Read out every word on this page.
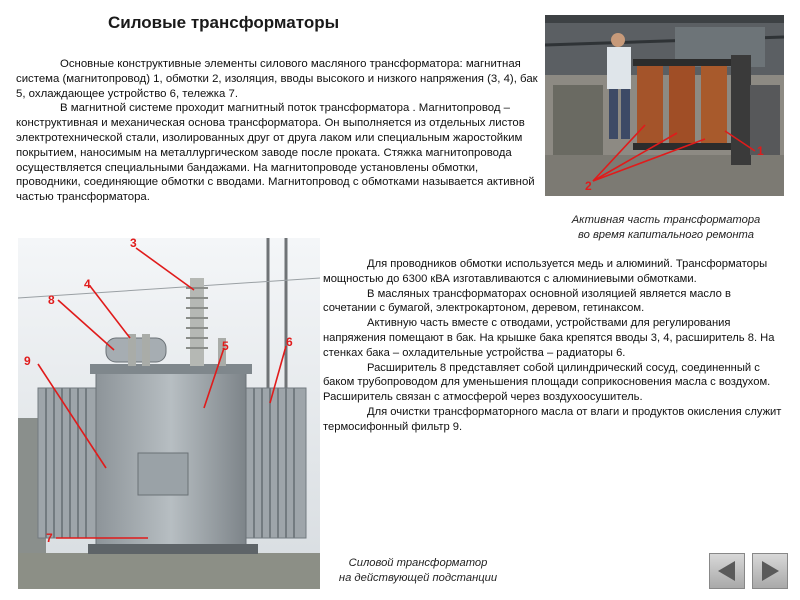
Силовые трансформаторы

Основные конструктивные элементы силового масляного трансформатора: магнитная система (магнитопровод) 1, обмотки 2, изоляция, вводы высокого и низкого напряжения (3, 4), бак 5, охлаждающее устройство 6, тележка 7.

В магнитной системе проходит магнитный поток трансформатора . Магнитопровод – конструктивная и механическая основа трансформатора. Он выполняется из отдельных листов электротехнической стали, изолированных друг от друга лаком или специальным жаростойким покрытием, наносимым на металлургическом заводе после проката. Стяжка магнитопровода осуществляется специальными бандажами. На магнитопроводе установлены обмотки, проводники, соединяющие обмотки с вводами. Магнитопровод с обмотками называется активной частью трансформатора.

2
1
Активная часть трансформатора
во время капитального ремонта
3
4
8
5	6
9
7

Для проводников обмотки используется медь и алюминий. Трансформаторы мощностью до 6300 кВА изготавливаются с алюминиевыми обмотками.

В масляных трансформаторах основной изоляцией является масло в сочетании с бумагой, электрокартоном, деревом, гетинаксом.

Активную часть вместе с отводами, устройствами для регулирования напряжения помещают в бак. На крышке бака крепятся вводы 3, 4, расширитель 8. На стенках бака – охладительные устройства – радиаторы 6.

Расширитель 8 представляет собой цилиндрический сосуд, соединенный с баком трубопроводом для уменьшения площади соприкосновения масла с воздухом. Расширитель связан с атмосферой через воздухоосушитель.

Для очистки трансформаторного масла от влаги и продуктов окисления служит термосифонный фильтр 9.

Силовой трансформатор
на действующей подстанции
